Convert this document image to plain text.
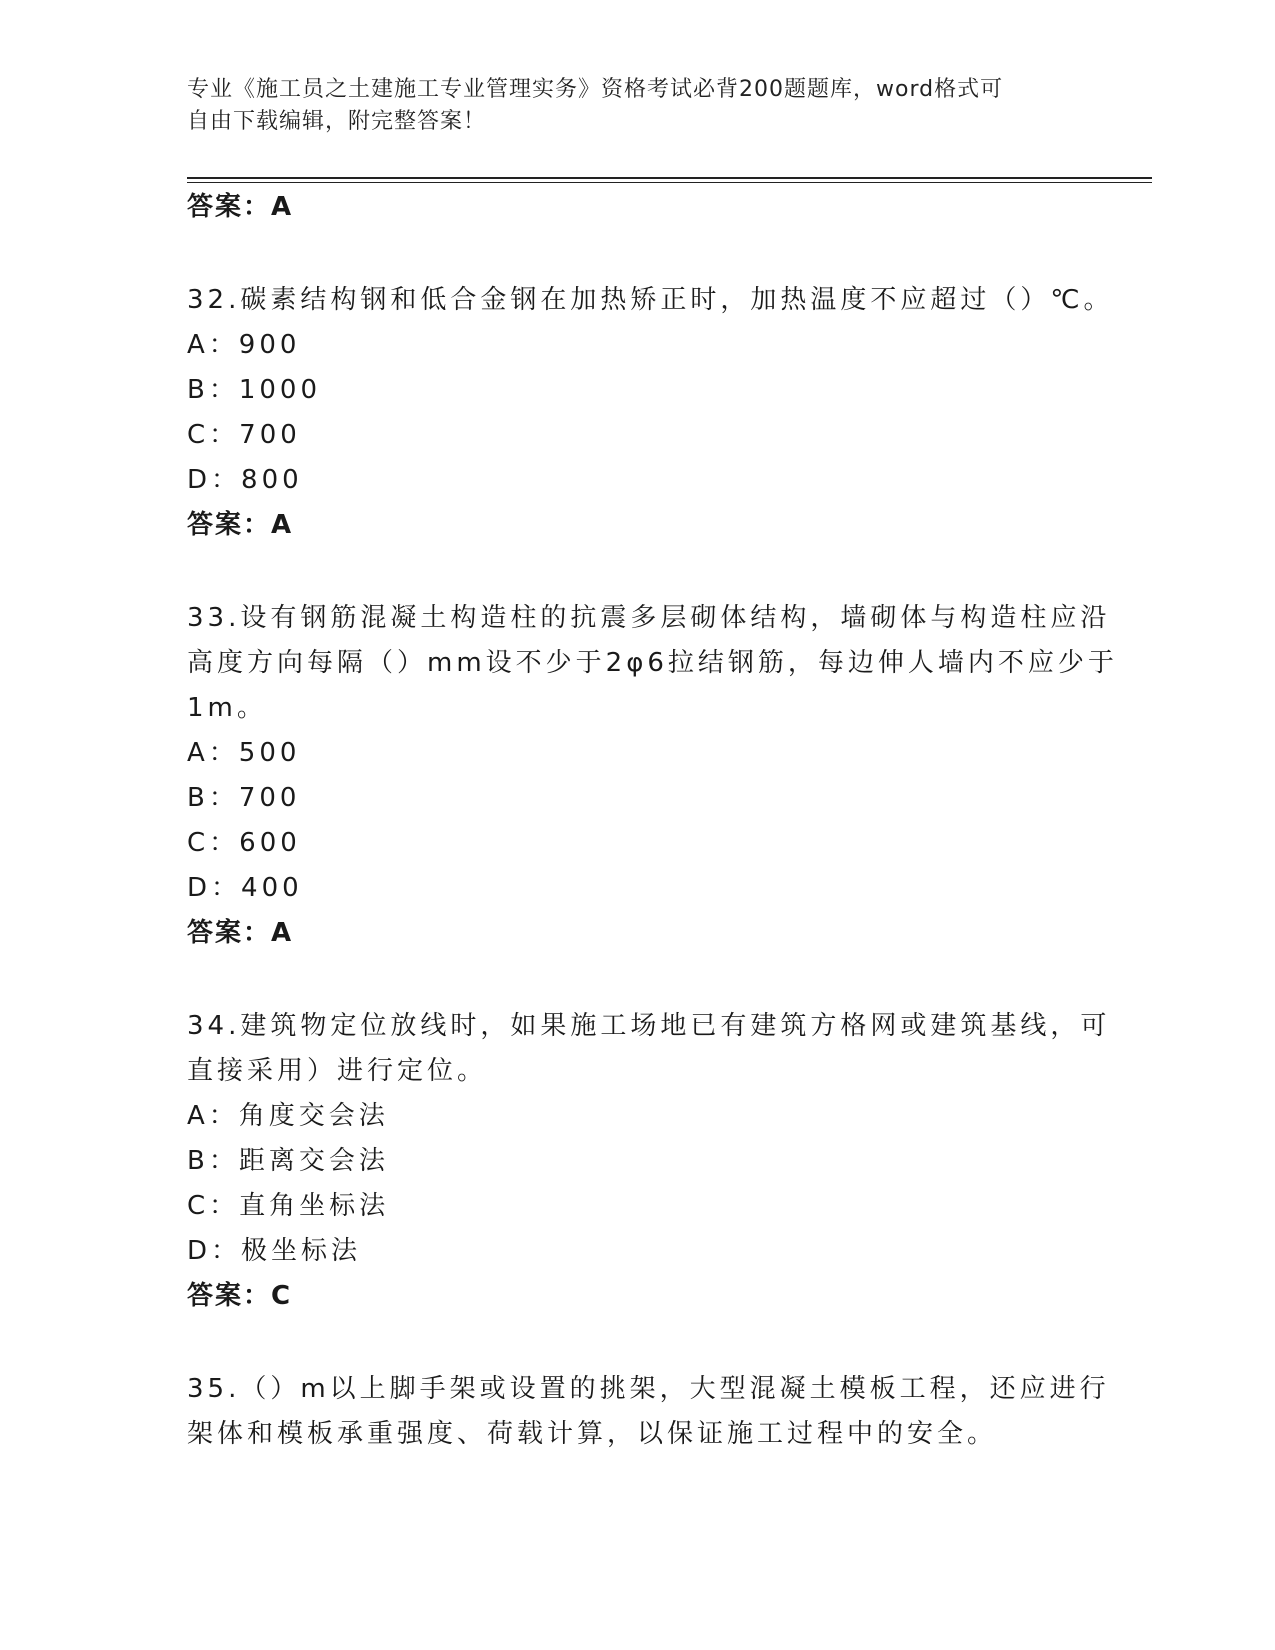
专业《施工员之土建施工专业管理实务》资格考试必背200题题库，word格式可
自由下载编辑，附完整答案！
答案：A
32.碳素结构钢和低合金钢在加热矫正时，加热温度不应超过（）℃。
A：900
B：1000
C：700
D：800
答案：A
33.设有钢筋混凝土构造柱的抗震多层砌体结构，墙砌体与构造柱应沿
高度方向每隔（）mm设不少于2φ6拉结钢筋，每边伸人墙内不应少于
1m。
A：500
B：700
C：600
D：400
答案：A
34.建筑物定位放线时，如果施工场地已有建筑方格网或建筑基线，可
直接采用）进行定位。
A：角度交会法
B：距离交会法
C：直角坐标法
D：极坐标法
答案：C
35.（）m以上脚手架或设置的挑架，大型混凝土模板工程，还应进行
架体和模板承重强度、荷载计算，以保证施工过程中的安全。
